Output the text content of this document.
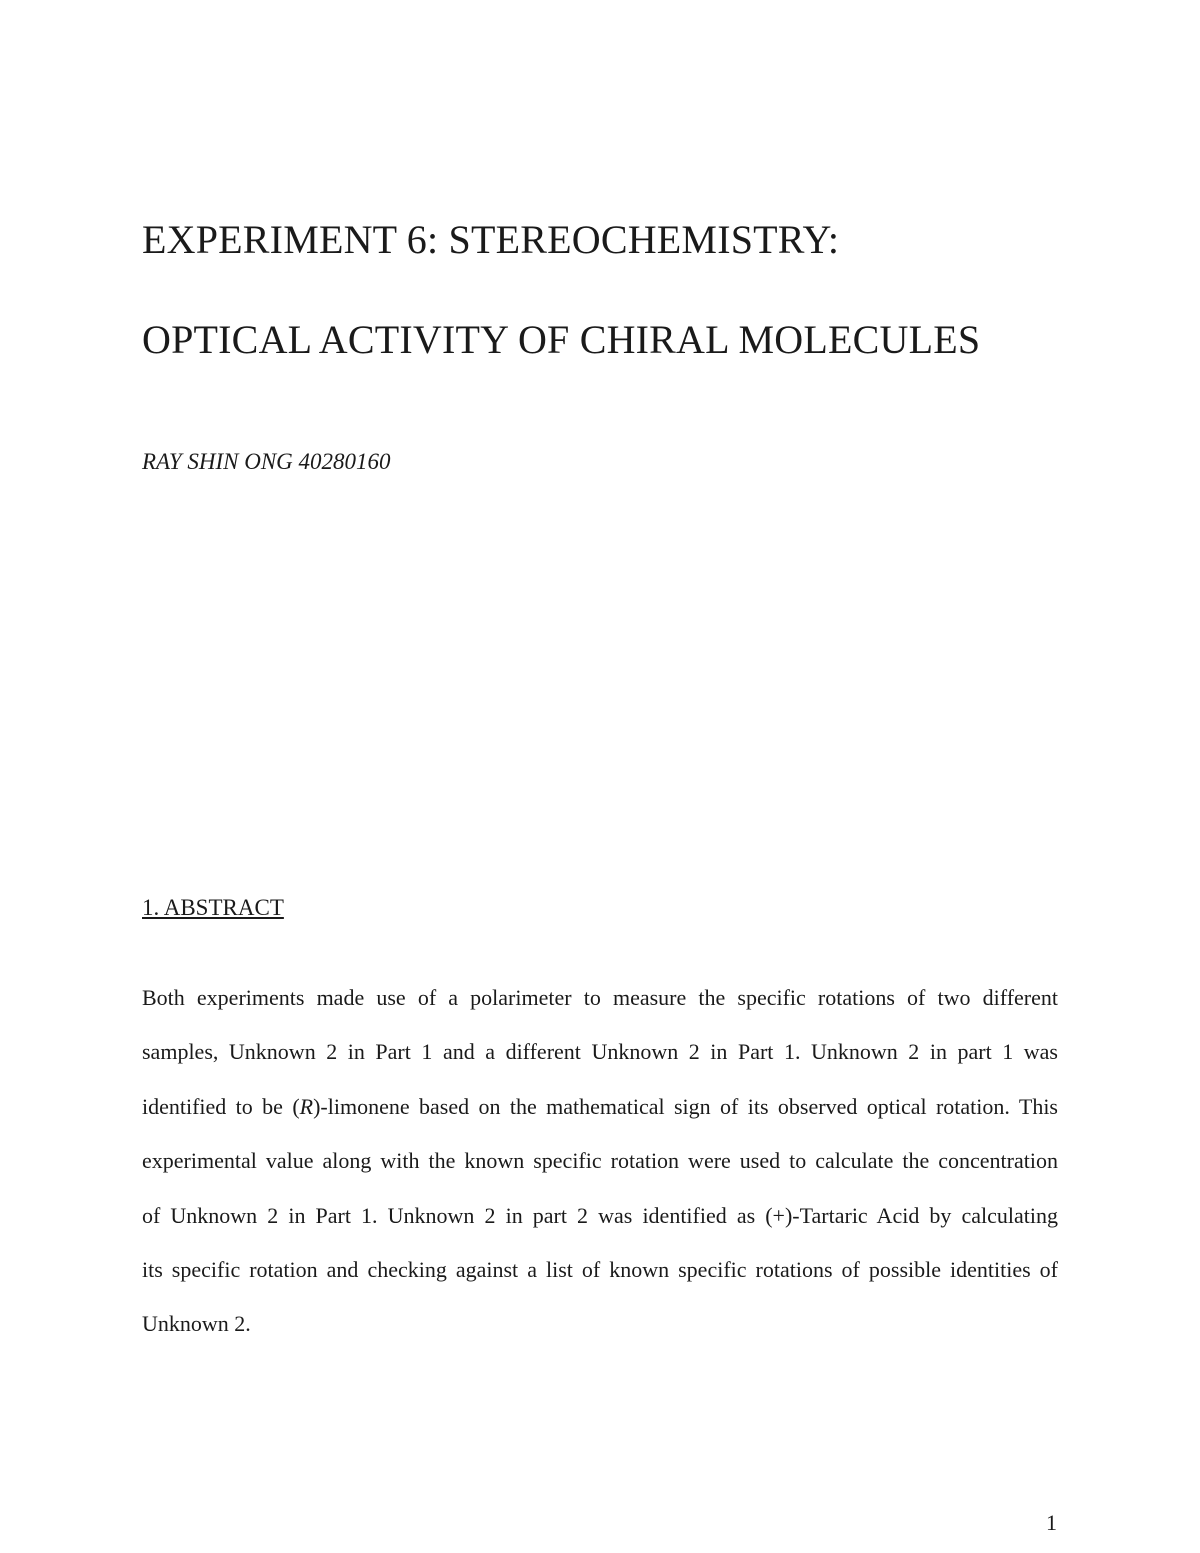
EXPERIMENT 6: STEREOCHEMISTRY:
OPTICAL ACTIVITY OF CHIRAL MOLECULES

RAY SHIN ONG 40280160

1. ABSTRACT
Both experiments made use of a polarimeter to measure the specific rotations of two different
samples, Unknown 2 in Part 1 and a different Unknown 2 in Part 1. Unknown 2 in part 1 was
identified to be (R)-limonene based on the mathematical sign of its observed optical rotation. This
experimental value along with the known specific rotation were used to calculate the concentration
of Unknown 2 in Part 1. Unknown 2 in part 2 was identified as (+)-Tartaric Acid by calculating
its specific rotation and checking against a list of known specific rotations of possible identities of
Unknown 2.

1
